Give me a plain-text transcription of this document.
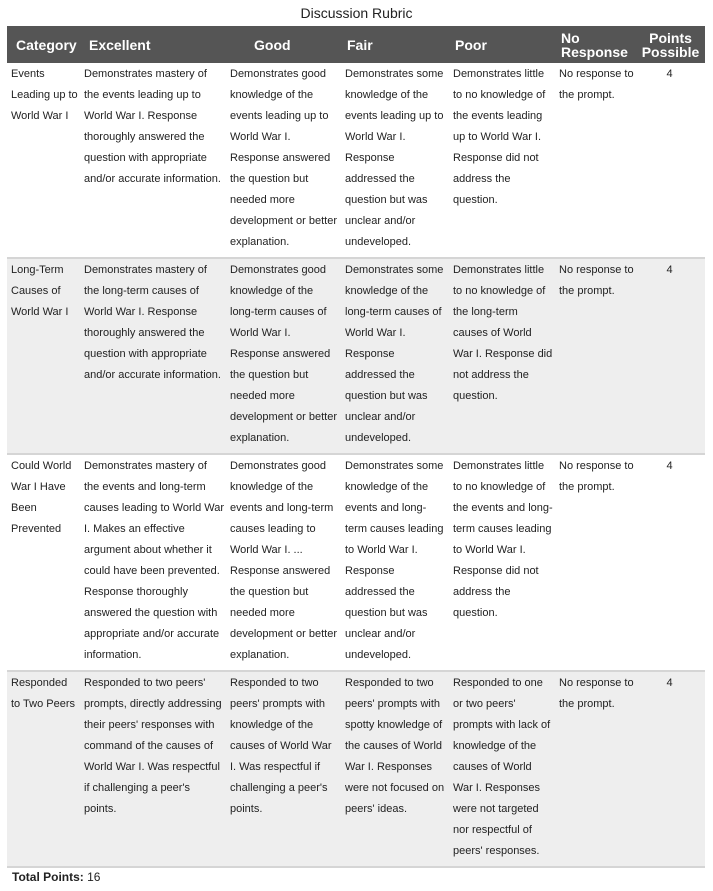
Discussion Rubric
Category	Excellent	Good	Fair	Poor	No Response	Points Possible
Events Leading up to World War I	Demonstrates mastery of the events leading up to World War I. Response thoroughly answered the question with appropriate and/or accurate information.	Demonstrates good knowledge of the events leading up to World War I. Response answered the question but needed more development or better explanation.	Demonstrates some knowledge of the events leading up to World War I. Response addressed the question but was unclear and/or undeveloped.	Demonstrates little to no knowledge of the events leading up to World War I. Response did not address the question.	No response to the prompt.	4
Long-Term Causes of World War I	Demonstrates mastery of the long-term causes of World War I. Response thoroughly answered the question with appropriate and/or accurate information.	Demonstrates good knowledge of the long-term causes of World War I. Response answered the question but needed more development or better explanation.	Demonstrates some knowledge of the long-term causes of World War I. Response addressed the question but was unclear and/or undeveloped.	Demonstrates little to no knowledge of the long-term causes of World War I. Response did not address the question.	No response to the prompt.	4
Could World War I Have Been Prevented	Demonstrates mastery of the events and long-term causes leading to World War I. Makes an effective argument about whether it could have been prevented. Response thoroughly answered the question with appropriate and/or accurate information.	Demonstrates good knowledge of the events and long-term causes leading to World War I. ... Response answered the question but needed more development or better explanation.	Demonstrates some knowledge of the events and long-term causes leading to World War I. Response addressed the question but was unclear and/or undeveloped.	Demonstrates little to no knowledge of the events and long-term causes leading to World War I. Response did not address the question.	No response to the prompt.	4
Responded to Two Peers	Responded to two peers' prompts, directly addressing their peers' responses with command of the causes of World War I. Was respectful if challenging a peer's points.	Responded to two peers' prompts with knowledge of the causes of World War I. Was respectful if challenging a peer's points.	Responded to two peers' prompts with spotty knowledge of the causes of World War I. Responses were not focused on peers' ideas.	Responded to one or two peers' prompts with lack of knowledge of the causes of World War I. Responses were not targeted nor respectful of peers' responses.	No response to the prompt.	4
Total Points: 16
